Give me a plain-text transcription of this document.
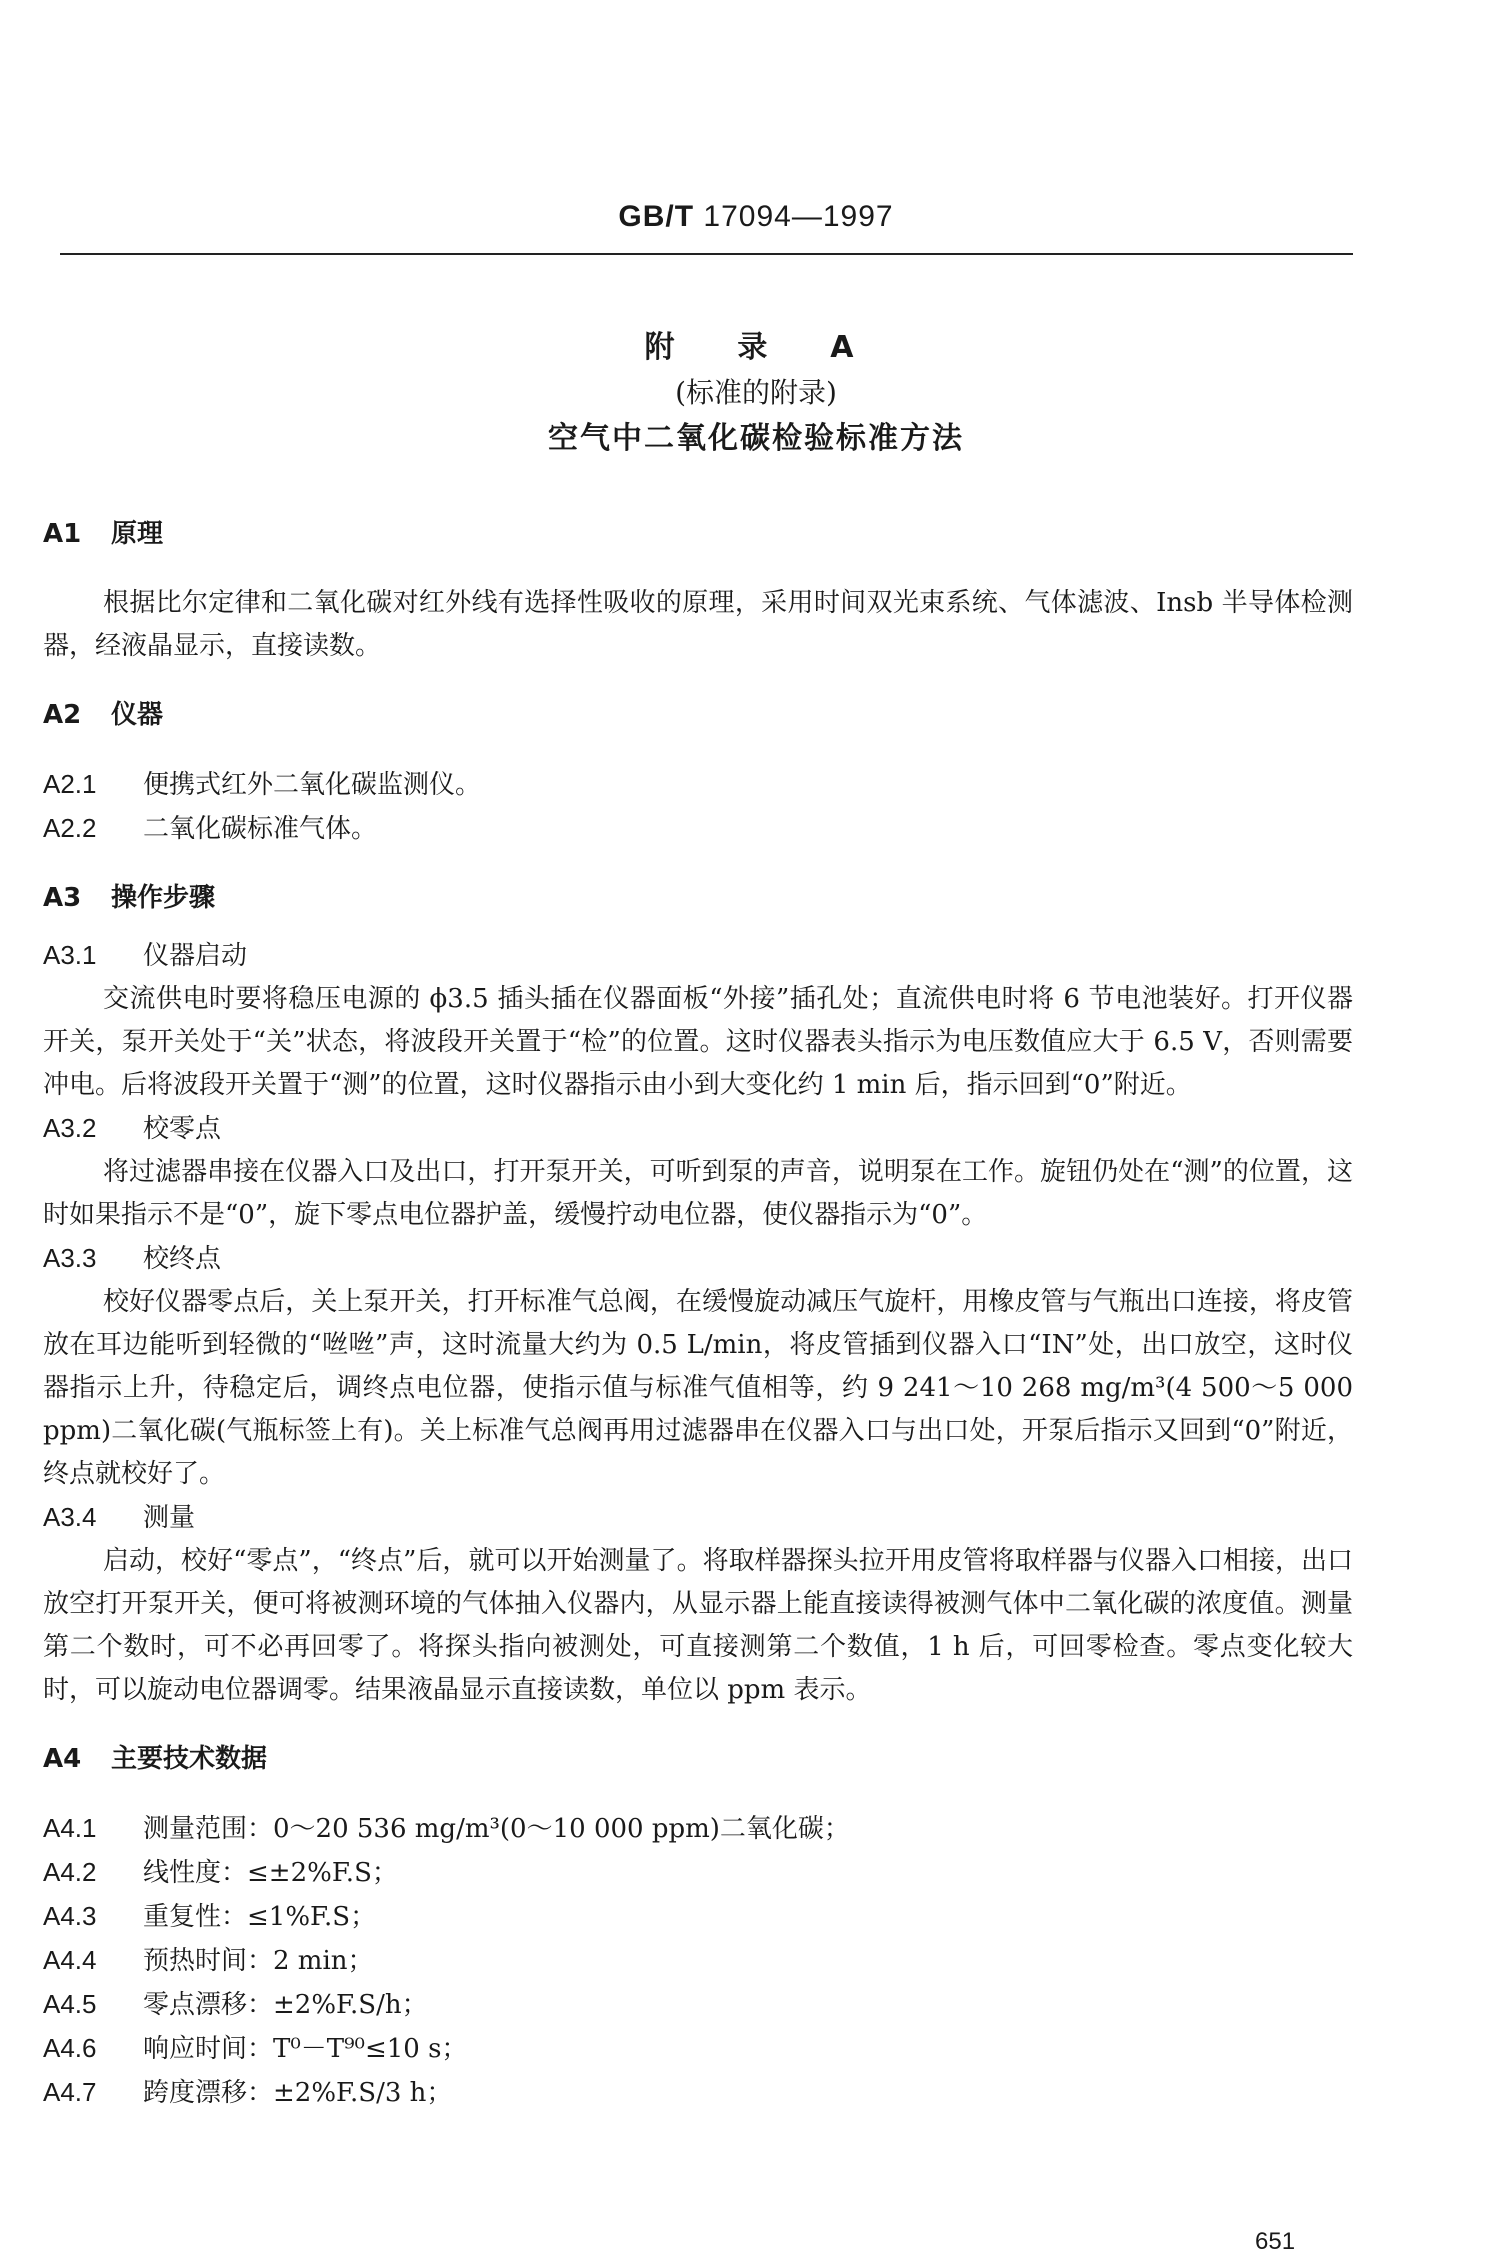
GB/T 17094—1997
附  录  A
(标准的附录)
空气中二氧化碳检验标准方法

A1 原理

根据比尔定律和二氧化碳对红外线有选择性吸收的原理，采用时间双光束系统、气体滤波、Insb 半导体检测器，经液晶显示，直接读数。

A2 仪器

A2.1 便携式红外二氧化碳监测仪。

A2.2 二氧化碳标准气体。

A3 操作步骤

A3.1 仪器启动

交流供电时要将稳压电源的 ϕ3.5 插头插在仪器面板“外接”插孔处；直流供电时将 6 节电池装好。打开仪器开关，泵开关处于“关”状态，将波段开关置于“检”的位置。这时仪器表头指示为电压数值应大于 6.5 V，否则需要冲电。后将波段开关置于“测”的位置，这时仪器指示由小到大变化约 1 min 后，指示回到“0”附近。

A3.2 校零点

将过滤器串接在仪器入口及出口，打开泵开关，可听到泵的声音，说明泵在工作。旋钮仍处在“测”的位置，这时如果指示不是“0”，旋下零点电位器护盖，缓慢拧动电位器，使仪器指示为“0”。

A3.3 校终点

校好仪器零点后，关上泵开关，打开标准气总阀，在缓慢旋动减压气旋杆，用橡皮管与气瓶出口连接，将皮管放在耳边能听到轻微的“咝咝”声，这时流量大约为 0.5 L/min，将皮管插到仪器入口“IN”处，出口放空，这时仪器指示上升，待稳定后，调终点电位器，使指示值与标准气值相等，约 9 241～10 268 mg/m³(4 500～5 000 ppm)二氧化碳(气瓶标签上有)。关上标准气总阀再用过滤器串在仪器入口与出口处，开泵后指示又回到“0”附近，终点就校好了。

A3.4 测量

启动，校好“零点”，“终点”后，就可以开始测量了。将取样器探头拉开用皮管将取样器与仪器入口相接，出口放空打开泵开关，便可将被测环境的气体抽入仪器内，从显示器上能直接读得被测气体中二氧化碳的浓度值。测量第二个数时，可不必再回零了。将探头指向被测处，可直接测第二个数值，1 h 后，可回零检查。零点变化较大时，可以旋动电位器调零。结果液晶显示直接读数，单位以 ppm 表示。

A4 主要技术数据

A4.1 测量范围：0～20 536 mg/m³(0～10 000 ppm)二氧化碳；

A4.2 线性度：≤±2%F.S；

A4.3 重复性：≤1%F.S；

A4.4 预热时间：2 min；

A4.5 零点漂移：±2%F.S/h；

A4.6 响应时间：T⁰－T⁹⁰≤10 s；

A4.7 跨度漂移：±2%F.S/3 h；

651
